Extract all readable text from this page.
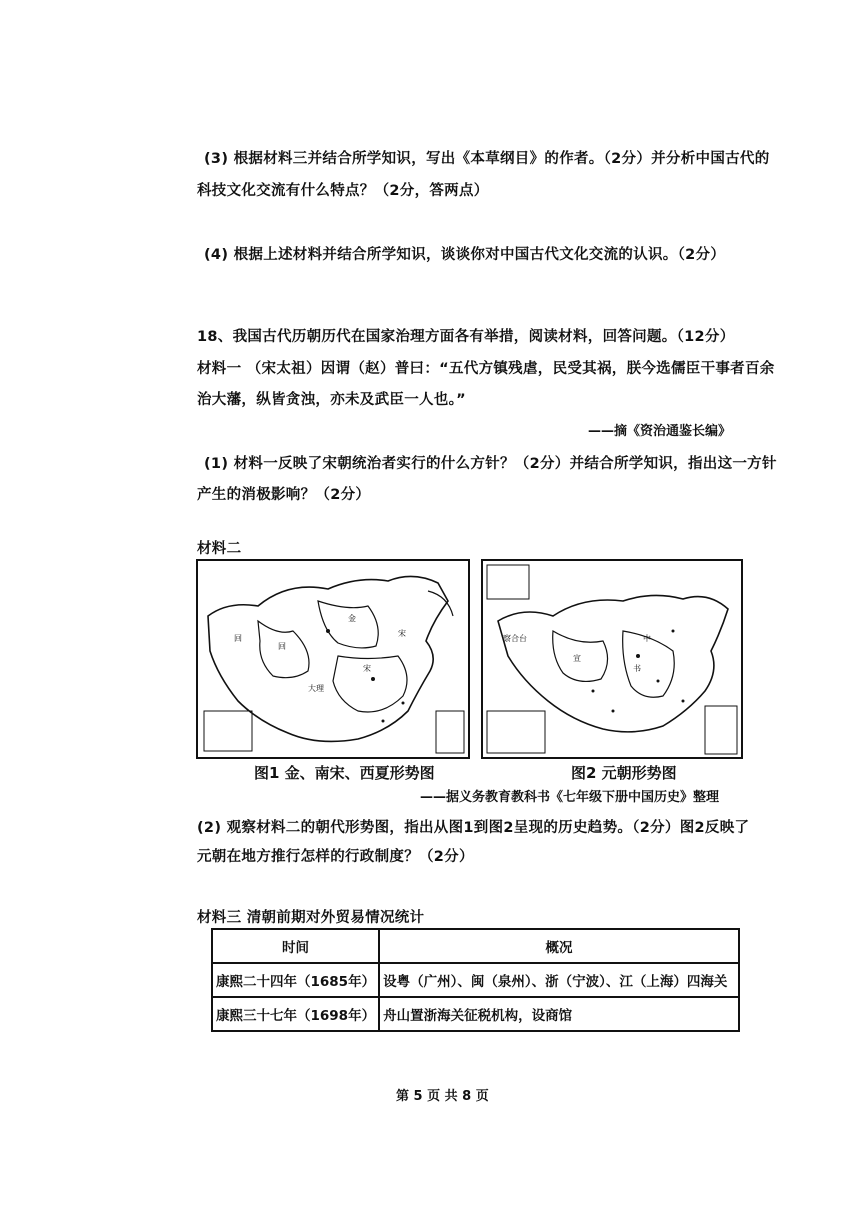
(3) 根据材料三并结合所学知识，写出《本草纲目》的作者。（2分）并分析中国古代的
科技文化交流有什么特点？（2分，答两点）
(4) 根据上述材料并结合所学知识，谈谈你对中国古代文化交流的认识。（2分）
18、我国古代历朝历代在国家治理方面各有举措，阅读材料，回答问题。（12分）
材料一 （宋太祖）因谓（赵）普曰：“五代方镇残虐，民受其祸，朕今选儒臣干事者百余
治大藩，纵皆贪浊，亦未及武臣一人也。”
——摘《资治通鉴长编》
(1) 材料一反映了宋朝统治者实行的什么方针？（2分）并结合所学知识，指出这一方针
产生的消极影响？（2分）
材料二
回
回
金
宋
大理
宋
察合台	中
书
宣
图1 金、南宋、西夏形势图	图2 元朝形势图
——据义务教育教科书《七年级下册中国历史》整理
(2) 观察材料二的朝代形势图，指出从图1到图2呈现的历史趋势。（2分）图2反映了
元朝在地方推行怎样的行政制度？（2分）
材料三 清朝前期对外贸易情况统计
时间	概况
康熙二十四年（1685年）	设粤（广州）、闽（泉州）、浙（宁波）、江（上海）四海关
康熙三十七年（1698年）	舟山置浙海关征税机构，设商馆
第 5 页 共 8 页
